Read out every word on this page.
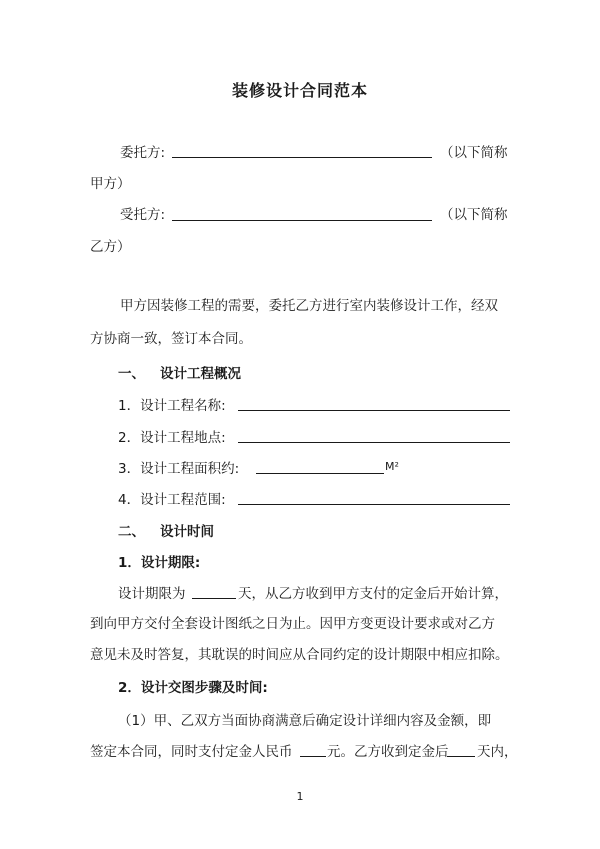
装修设计合同范本
委托方:	（以下简称
甲方）
受托方:	（以下简称
乙方）
甲方因装修工程的需要，委托乙方进行室内装修设计工作，经双
方协商一致，签订本合同。
一、 设计工程概况
1．设计工程名称:
2．设计工程地点:
3．设计工程面积约:	M²
4．设计工程范围:
二、 设计时间
1．设计期限:
设计期限为	天，从乙方收到甲方支付的定金后开始计算，
到向甲方交付全套设计图纸之日为止。因甲方变更设计要求或对乙方
意见未及时答复，其耽误的时间应从合同约定的设计期限中相应扣除。
2．设计交图步骤及时间:
（1）甲、乙双方当面协商满意后确定设计详细内容及金额，即
签定本合同，同时支付定金人民币	元。乙方收到定金后 天内，
1
